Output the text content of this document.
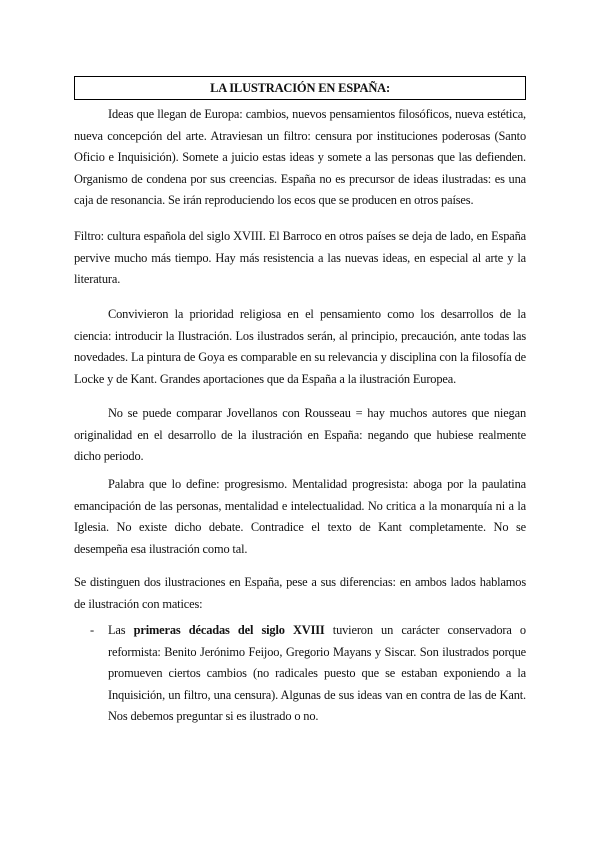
LA ILUSTRACIÓN EN ESPAÑA:

Ideas que llegan de Europa: cambios, nuevos pensamientos filosóficos, nueva estética, nueva concepción del arte. Atraviesan un filtro: censura por instituciones poderosas (Santo Oficio e Inquisición). Somete a juicio estas ideas y somete a las personas que las defienden. Organismo de condena por sus creencias. España no es precursor de ideas ilustradas: es una caja de resonancia. Se irán reproduciendo los ecos que se producen en otros países.

Filtro: cultura española del siglo XVIII. El Barroco en otros países se deja de lado, en España pervive mucho más tiempo. Hay más resistencia a las nuevas ideas, en especial al arte y la literatura.

Convivieron la prioridad religiosa en el pensamiento como los desarrollos de la ciencia: introducir la Ilustración. Los ilustrados serán, al principio, precaución, ante todas las novedades. La pintura de Goya es comparable en su relevancia y disciplina con la filosofía de Locke y de Kant. Grandes aportaciones que da España a la ilustración Europea.

No se puede comparar Jovellanos con Rousseau = hay muchos autores que niegan originalidad en el desarrollo de la ilustración en España: negando que hubiese realmente dicho periodo.

Palabra que lo define: progresismo. Mentalidad progresista: aboga por la paulatina emancipación de las personas, mentalidad e intelectualidad. No critica a la monarquía ni a la Iglesia. No existe dicho debate. Contradice el texto de Kant completamente. No se desempeña esa ilustración como tal.

Se distinguen dos ilustraciones en España, pese a sus diferencias: en ambos lados hablamos de ilustración con matices:

-	Las primeras décadas del siglo XVIII tuvieron un carácter conservadora o reformista: Benito Jerónimo Feijoo, Gregorio Mayans y Siscar. Son ilustrados porque promueven ciertos cambios (no radicales puesto que se estaban exponiendo a la Inquisición, un filtro, una censura). Algunas de sus ideas van en contra de las de Kant. Nos debemos preguntar si es ilustrado o no.
